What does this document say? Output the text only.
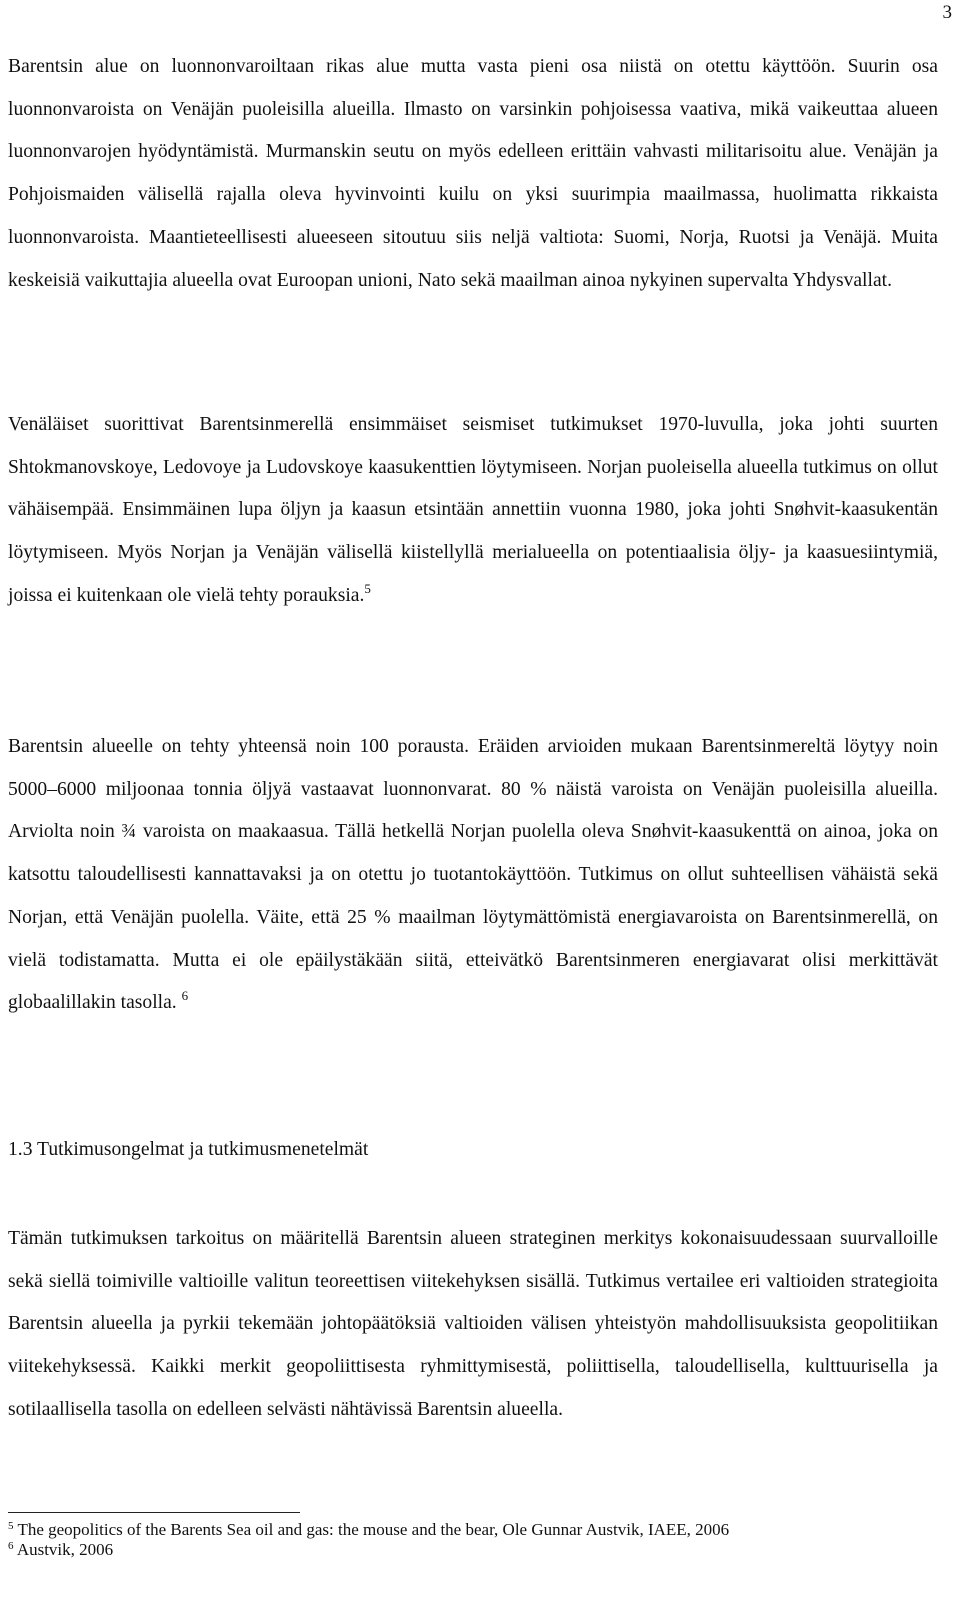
3

Barentsin alue on luonnonvaroiltaan rikas alue mutta vasta pieni osa niistä on otettu käyttöön. Suurin osa luonnonvaroista on Venäjän puoleisilla alueilla. Ilmasto on varsinkin pohjoisessa vaativa, mikä vaikeuttaa alueen luonnonvarojen hyödyntämistä. Murmanskin seutu on myös edelleen erittäin vahvasti militarisoitu alue. Venäjän ja Pohjoismaiden välisellä rajalla oleva hyvinvointi kuilu on yksi suurimpia maailmassa, huolimatta rikkaista luonnonvaroista. Maantieteellisesti alueeseen sitoutuu siis neljä valtiota: Suomi, Norja, Ruotsi ja Venäjä. Muita keskeisiä vaikuttajia alueella ovat Euroopan unioni, Nato sekä maailman ainoa nykyinen supervalta Yhdysvallat.

Venäläiset suorittivat Barentsinmerellä ensimmäiset seismiset tutkimukset 1970-luvulla, joka johti suurten Shtokmanovskoye, Ledovoye ja Ludovskoye kaasukenttien löytymiseen. Norjan puoleisella alueella tutkimus on ollut vähäisempää. Ensimmäinen lupa öljyn ja kaasun etsintään annettiin vuonna 1980, joka johti Snøhvit-kaasukentän löytymiseen. Myös Norjan ja Venäjän välisellä kiistellyllä merialueella on potentiaalisia öljy- ja kaasuesiintymiä, joissa ei kuitenkaan ole vielä tehty porauksia.$^5$

Barentsin alueelle on tehty yhteensä noin 100 porausta. Eräiden arvioiden mukaan Barentsinmereltä löytyy noin 5000–6000 miljoonaa tonnia öljyä vastaavat luonnonvarat. 80 % näistä varoista on Venäjän puoleisilla alueilla. Arviolta noin ¾ varoista on maakaasua. Tällä hetkellä Norjan puolella oleva Snøhvit-kaasukenttä on ainoa, joka on katsottu taloudellisesti kannattavaksi ja on otettu jo tuotantokäyttöön. Tutkimus on ollut suhteellisen vähäistä sekä Norjan, että Venäjän puolella. Väite, että 25 % maailman löytymättömistä energiavaroista on Barentsinmerellä, on vielä todistamatta. Mutta ei ole epäilystäkään siitä, etteivätkö Barentsinmeren energiavarat olisi merkittävät globaalillakin tasolla. $^6$

1.3 Tutkimusongelmat ja tutkimusmenetelmät

Tämän tutkimuksen tarkoitus on määritellä Barentsin alueen strateginen merkitys kokonaisuudessaan suurvalloille sekä siellä toimiville valtioille valitun teoreettisen viitekehyksen sisällä. Tutkimus vertailee eri valtioiden strategioita Barentsin alueella ja pyrkii tekemään johtopäätöksiä valtioiden välisen yhteistyön mahdollisuuksista geopolitiikan viitekehyksessä. Kaikki merkit geopoliittisesta ryhmittymisestä, poliittisella, taloudellisella, kulttuurisella ja sotilaallisella tasolla on edelleen selvästi nähtävissä Barentsin alueella.

$^5$ The geopolitics of the Barents Sea oil and gas: the mouse and the bear, Ole Gunnar Austvik, IAEE, 2006
$^6$ Austvik, 2006
